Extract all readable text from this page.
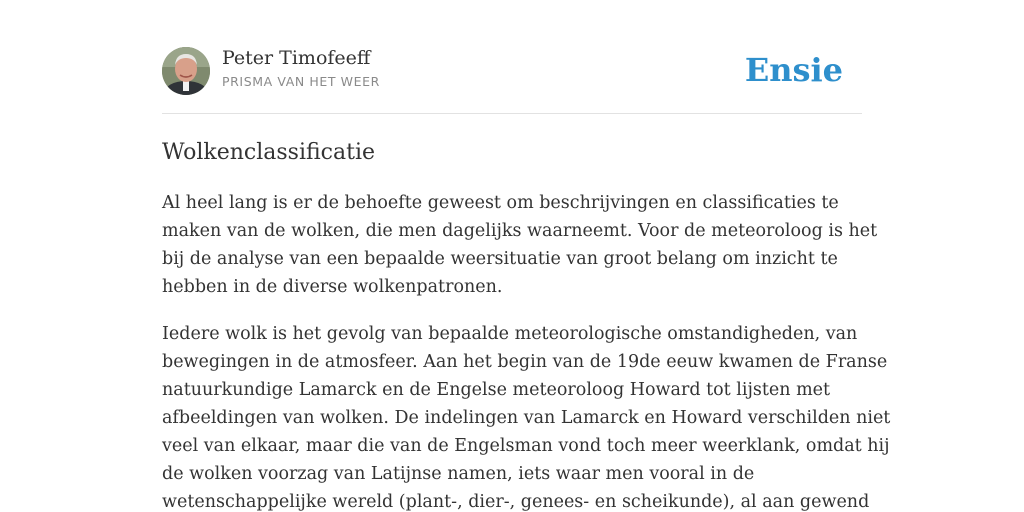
Peter Timofeeff
PRISMA VAN HET WEER	Ensie
Wolkenclassificatie

Al heel lang is er de behoefte geweest om beschrijvingen en classificaties te
maken van de wolken, die men dagelijks waarneemt. Voor de meteoroloog is het
bij de analyse van een bepaalde weersituatie van groot belang om inzicht te
hebben in de diverse wolkenpatronen.

Iedere wolk is het gevolg van bepaalde meteorologische omstandigheden, van
bewegingen in de atmosfeer. Aan het begin van de 19de eeuw kwamen de Franse
natuurkundige Lamarck en de Engelse meteoroloog Howard tot lijsten met
afbeeldingen van wolken. De indelingen van Lamarck en Howard verschilden niet
veel van elkaar, maar die van de Engelsman vond toch meer weerklank, omdat hij
de wolken voorzag van Latijnse namen, iets waar men vooral in de
wetenschappelijke wereld (plant-, dier-, genees- en scheikunde), al aan gewend
